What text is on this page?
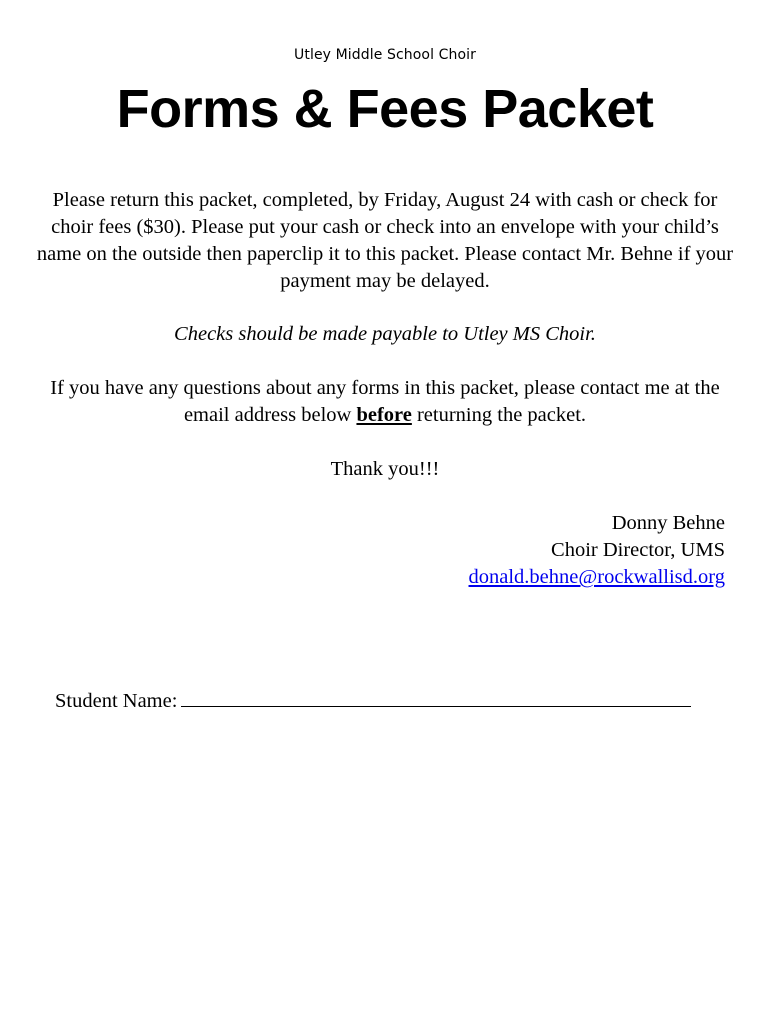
Utley Middle School Choir
Forms & Fees Packet
Please return this packet, completed, by Friday, August 24 with cash or check for choir fees ($30). Please put your cash or check into an envelope with your child’s name on the outside then paperclip it to this packet. Please contact Mr. Behne if your payment may be delayed.
Checks should be made payable to Utley MS Choir.
If you have any questions about any forms in this packet, please contact me at the email address below before returning the packet.
Thank you!!!
Donny Behne
Choir Director, UMS
donald.behne@rockwallisd.org
Student Name:
